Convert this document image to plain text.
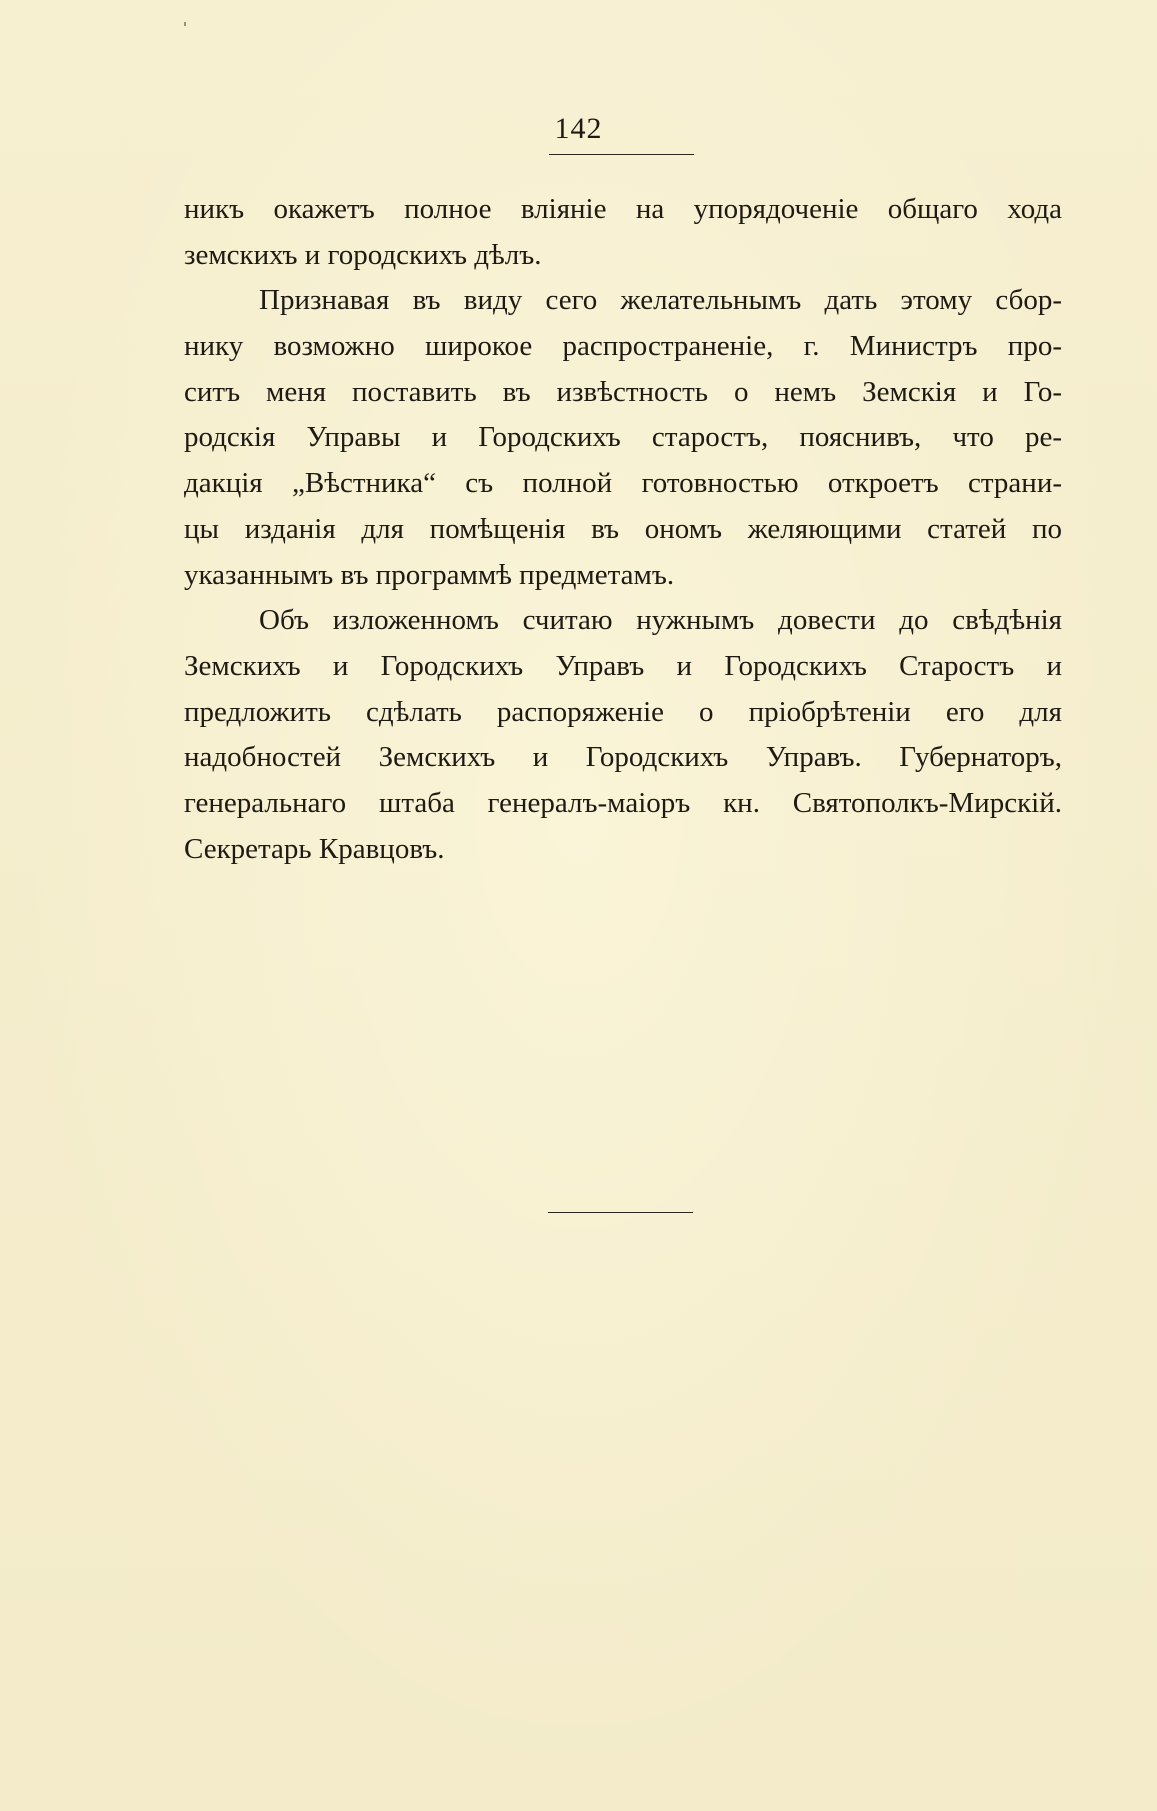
142
никъ окажетъ полное вліяніе на упорядоченіе общаго хода
земскихъ и городскихъ дѣлъ.
Признавая въ виду сего желательнымъ дать этому сбор-
нику возможно широкое распространеніе, г. Министръ про-
ситъ меня поставить въ извѣстность о немъ Земскія и Го-
родскія Управы и Городскихъ старостъ, пояснивъ, что ре-
дакція „Вѣстника“ съ полной готовностью откроетъ страни-
цы изданія для помѣщенія въ ономъ желяющими статей по
указаннымъ въ программѣ предметамъ.
Объ изложенномъ считаю нужнымъ довести до свѣдѣнія
Земскихъ и Городскихъ Управъ и Городскихъ Старостъ и
предложить сдѣлать распоряженіе о пріобрѣтеніи его для
надобностей Земскихъ и Городскихъ Управъ. Губернаторъ,
генеральнаго штаба генералъ-маіоръ кн. Святополкъ-Мирскій.
Секретарь Кравцовъ.
